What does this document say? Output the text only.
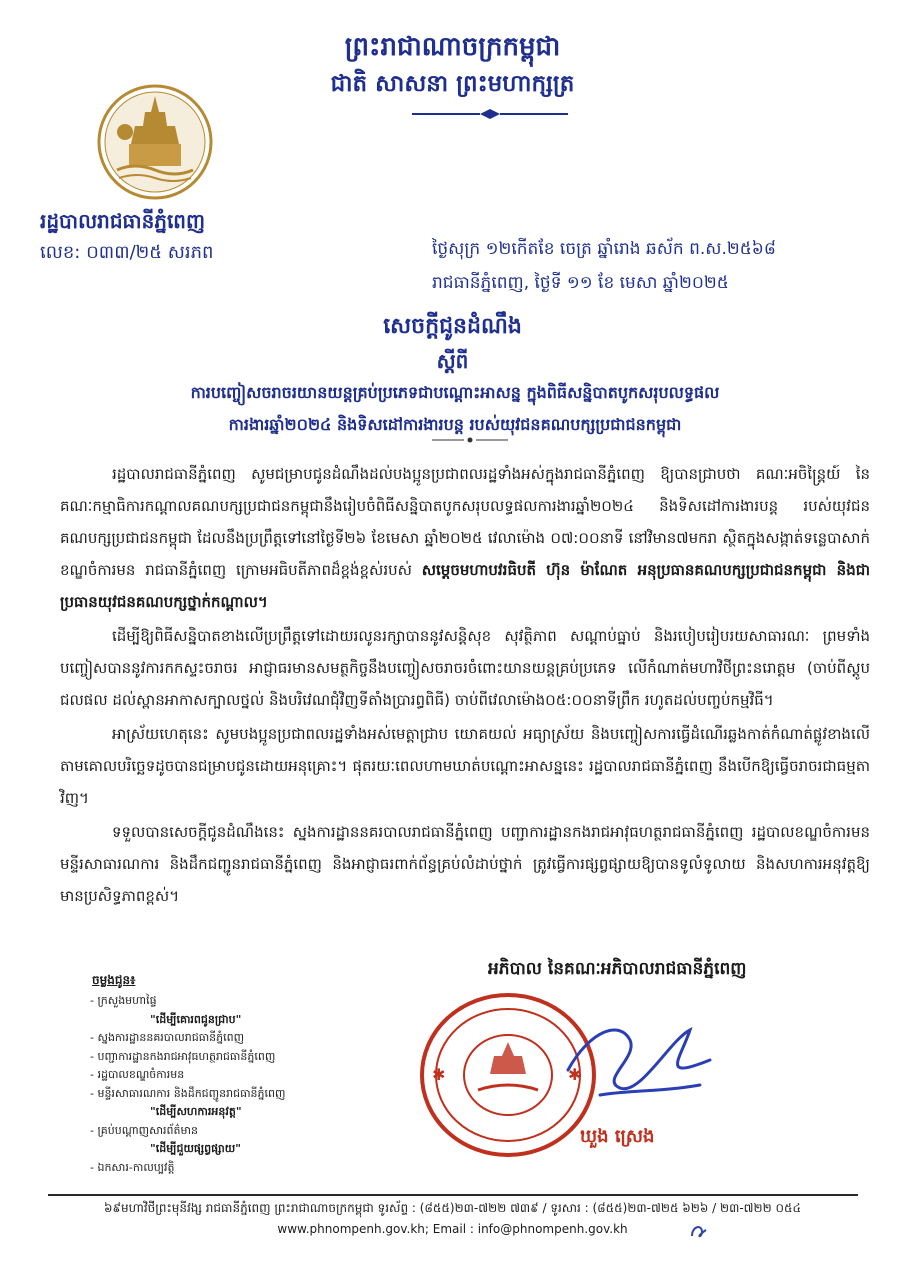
ព្រះរាជាណាចក្រកម្ពុជា
ជាតិ សាសនា ព្រះមហាក្សត្រ
រដ្ឋបាលរាជធានីភ្នំពេញ
លេខ: ០៣៣/២៥ សរភព	ថ្ងៃសុក្រ ១២កើតខែ ចេត្រ ឆ្នាំរោង ឆស័ក ព.ស.២៥៦៨
រាជធានីភ្នំពេញ, ថ្ងៃទី ១១ ខែ មេសា ឆ្នាំ២០២៥
សេចក្តីជូនដំណឹង
ស្តីពី
ការបញ្ចៀសចរាចរយានយន្តគ្រប់ប្រភេទជាបណ្តោះអាសន្ន ក្នុងពិធីសន្និបាតបូកសរុបលទ្ធផល
ការងារឆ្នាំ២០២៤ និងទិសដៅការងារបន្ត របស់យុវជនគណបក្សប្រជាជនកម្ពុជា

រដ្ឋបាលរាជធានីភ្នំពេញ សូមជម្រាបជូនដំណឹងដល់បងប្អូនប្រជាពលរដ្ឋទាំងអស់ក្នុងរាជធានីភ្នំពេញ ឱ្យបានជ្រាបថា គណៈអចិន្ត្រៃយ៍ នៃគណៈកម្មាធិការកណ្តាលគណបក្សប្រជាជនកម្ពុជានឹងរៀបចំពិធីសន្និបាតបូកសរុបលទ្ធផលការងារឆ្នាំ២០២៤ និងទិសដៅការងារបន្ត របស់យុវជនគណបក្សប្រជាជនកម្ពុជា ដែលនឹងប្រព្រឹត្តទៅនៅថ្ងៃទី២៦ ខែមេសា ឆ្នាំ២០២៥ វេលាម៉ោង ០៧:០០នាទី នៅវិមាន៧មករា ស្ថិតក្នុងសង្កាត់ទន្លេបាសាក់ ខណ្ឌចំការមន រាជធានីភ្នំពេញ ក្រោមអធិបតីភាពដ៏ខ្ពង់ខ្ពស់របស់ សម្តេចមហាបវរធិបតី ហ៊ុន ម៉ាណែត អនុប្រធានគណបក្សប្រជាជនកម្ពុជា និងជាប្រធានយុវជនគណបក្សថ្នាក់កណ្តាល។

ដើម្បីឱ្យពិធីសន្និបាតខាងលើប្រព្រឹត្តទៅដោយរលូនរក្សាបាននូវសន្តិសុខ សុវត្ថិភាព សណ្តាប់ធ្នាប់ និងរបៀបរៀបរយសាធារណៈ ព្រមទាំងបញ្ចៀសបាននូវការកកស្ទះចរាចរ អាជ្ញាធរមានសមត្ថកិច្ចនឹងបញ្ចៀសចរាចរចំពោះយានយន្តគ្រប់ប្រភេទ លើកំណាត់មហាវិថីព្រះនរោត្តម (ចាប់ពីស្តូបជលផល ដល់ស្ពានអាកាសក្បាលថ្នល់ និងបរិវេណជុំវិញទីតាំងប្រារព្ធពិធី) ចាប់ពីវេលាម៉ោង០៥:០០នាទីព្រឹក រហូតដល់បញ្ចប់កម្មវិធី។

អាស្រ័យហេតុនេះ សូមបងប្អូនប្រជាពលរដ្ឋទាំងអស់មេត្តាជ្រាប យោគយល់ អធ្យាស្រ័យ និងបញ្ចៀសការធ្វើដំណើរឆ្លងកាត់កំណាត់ផ្លូវខាងលើ តាមគោលបរិច្ឆេទដូចបានជម្រាបជូនដោយអនុគ្រោះ។ ផុតរយៈពេលហាមឃាត់បណ្តោះអាសន្ននេះ រដ្ឋបាលរាជធានីភ្នំពេញ នឹងបើកឱ្យធ្វើចរាចរជាធម្មតាវិញ។

ទទួលបានសេចក្តីជូនដំណឹងនេះ ស្នងការដ្ឋាននគរបាលរាជធានីភ្នំពេញ បញ្ជាការដ្ឋានកងរាជអាវុធហត្ថរាជធានីភ្នំពេញ រដ្ឋបាលខណ្ឌចំការមន មន្ទីរសាធារណការ និងដឹកជញ្ជូនរាជធានីភ្នំពេញ និងអាជ្ញាធរពាក់ព័ន្ធគ្រប់លំដាប់ថ្នាក់ ត្រូវធ្វើការផ្សព្វផ្សាយឱ្យបានទូលំទូលាយ និងសហការអនុវត្តឱ្យមានប្រសិទ្ធភាពខ្ពស់។

ចម្លងជូន៖
- ក្រសួងមហាផ្ទៃ
"ដើម្បីគោរពជូនជ្រាប"
- ស្នងការដ្ឋាននគរបាលរាជធានីភ្នំពេញ
- បញ្ជាការដ្ឋានកងរាជអាវុធហត្ថរាជធានីភ្នំពេញ
- រដ្ឋបាលខណ្ឌចំការមន
- មន្ទីរសាធារណការ និងដឹកជញ្ជូនរាជធានីភ្នំពេញ
"ដើម្បីសហការអនុវត្ត"
- គ្រប់បណ្តាញសារព័ត៌មាន
"ដើម្បីជួយផ្សព្វផ្សាយ"
- ឯកសារ-កាលប្បវត្តិ
អភិបាល នៃគណៈអភិបាលរាជធានីភ្នំពេញ
✱	✱
ឃួង ស្រេង
៦៩មហាវិថីព្រះមុនីវង្ស រាជធានីភ្នំពេញ ព្រះរាជាណាចក្រកម្ពុជា ទូរស័ព្ទ : (៨៥៥)២៣-៧២២ ៧៣៩ / ទូរសារ : (៨៥៥)២៣-៧២៥ ៦២៦ / ២៣-៧២២ ០៥៤
www.phnompenh.gov.kh; Email : info@phnompenh.gov.kh
